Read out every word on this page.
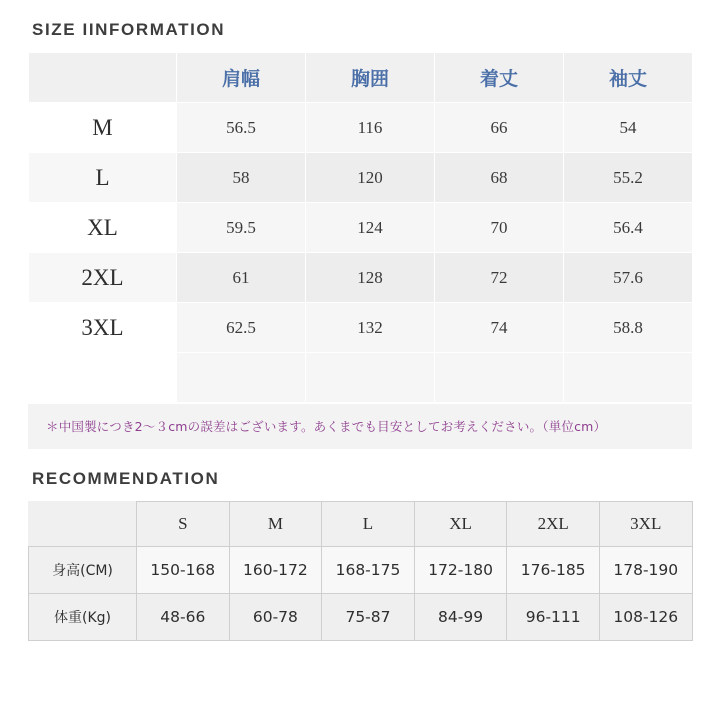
SIZE IINFORMATION
	肩幅	胸囲	着丈	袖丈
M	56.5	116	66	54
L	58	120	68	55.2
XL	59.5	124	70	56.4
2XL	61	128	72	57.6
3XL	62.5	132	74	58.8

＊中国製につき2～３cmの誤差はございます。あくまでも目安としてお考えください。（単位cm）
RECOMMENDATION
	S	M	L	XL	2XL	3XL
身高(CM)	150-168	160-172	168-175	172-180	176-185	178-190
体重(Kg)	48-66	60-78	75-87	84-99	96-111	108-126
